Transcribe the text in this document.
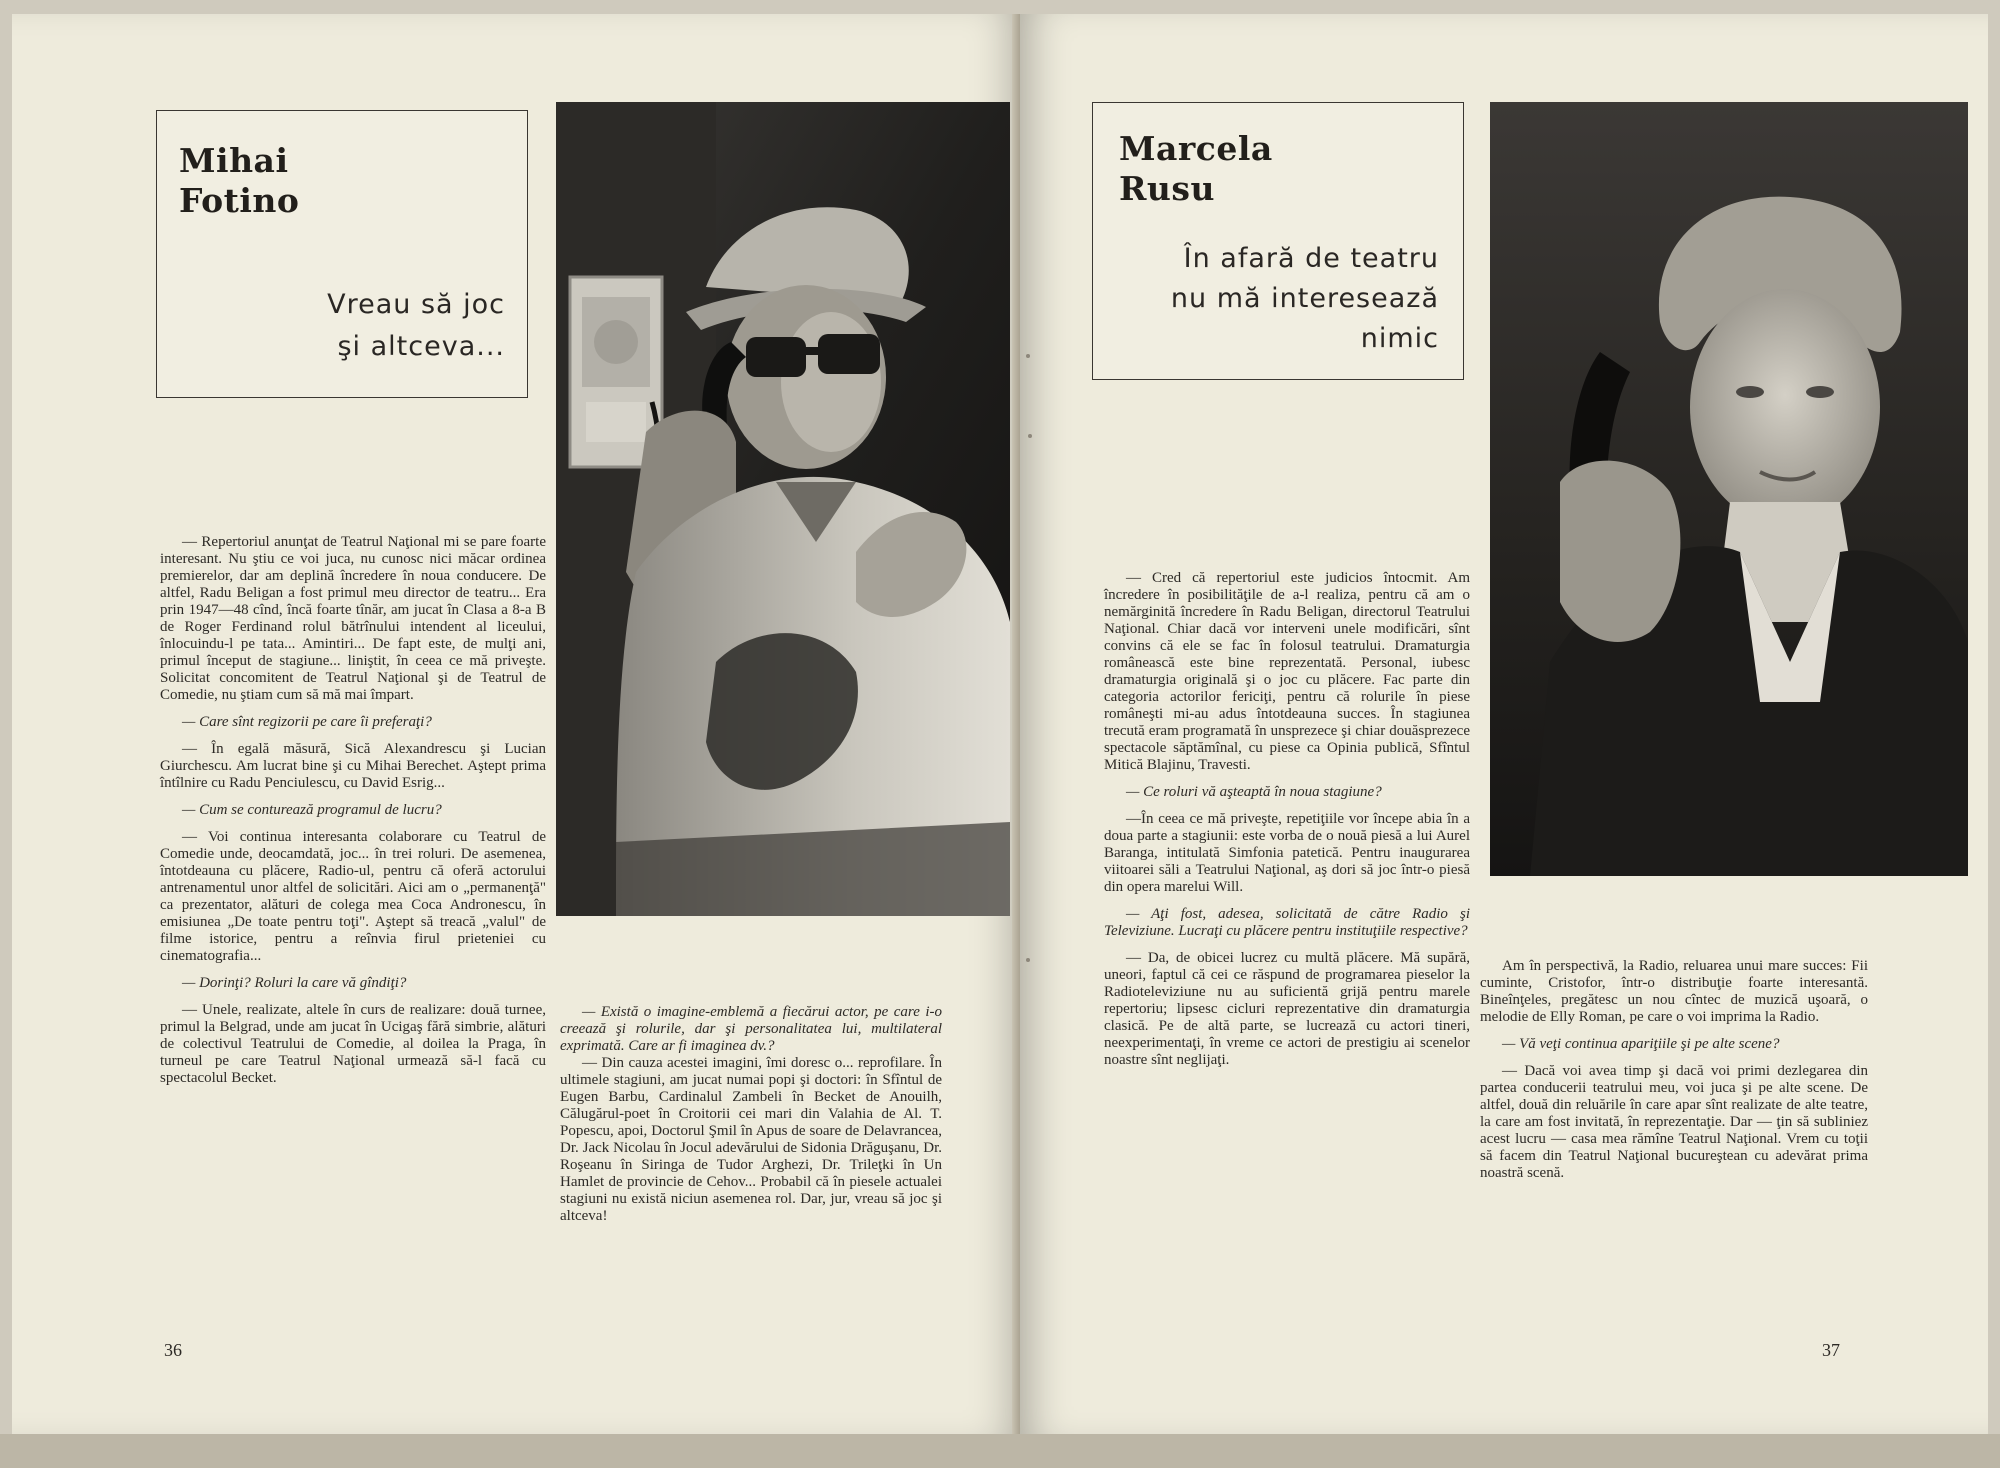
Mihai
Fotino
Vreau să joc
şi altceva...

— Repertoriul anunţat de Teatrul Naţional mi se pare foarte interesant. Nu ştiu ce voi juca, nu cunosc nici măcar ordinea premierelor, dar am deplină încredere în noua conducere. De altfel, Radu Beligan a fost primul meu director de teatru... Era prin 1947—48 cînd, încă foarte tînăr, am jucat în Clasa a 8-a B de Roger Ferdinand rolul bătrînului intendent al liceului, înlocuindu-l pe tata... Amintiri... De fapt este, de mulţi ani, primul început de stagiune... liniştit, în ceea ce mă priveşte. Solicitat concomitent de Teatrul Naţional şi de Teatrul de Comedie, nu ştiam cum să mă mai împart.

— Care sînt regizorii pe care îi preferaţi?

— În egală măsură, Sică Alexandrescu şi Lucian Giurchescu. Am lucrat bine şi cu Mihai Berechet. Aştept prima întîlnire cu Radu Penciulescu, cu David Esrig...

— Cum se conturează programul de lucru?

— Voi continua interesanta colaborare cu Teatrul de Comedie unde, deocamdată, joc... în trei roluri. De asemenea, întotdeauna cu plăcere, Radio-ul, pentru că oferă actorului antrenamentul unor altfel de solicitări. Aici am o „permanenţă" ca prezentator, alături de colega mea Coca Andronescu, în emisiunea „De toate pentru toţi". Aştept să treacă „valul" de filme istorice, pentru a reînvia firul prieteniei cu cinematografia...

— Dorinţi? Roluri la care vă gîndiţi?

— Unele, realizate, altele în curs de realizare: două turnee, primul la Belgrad, unde am jucat în Ucigaş fără simbrie, alături de colectivul Teatrului de Comedie, al doilea la Praga, în turneul pe care Teatrul Naţional urmează să-l facă cu spectacolul Becket.

— Există o imagine-emblemă a fiecărui actor, pe care i-o creează şi rolurile, dar şi personalitatea lui, multilateral exprimată. Care ar fi imaginea dv.?

— Din cauza acestei imagini, îmi doresc o... reprofilare. În ultimele stagiuni, am jucat numai popi şi doctori: în Sfîntul de Eugen Barbu, Cardinalul Zambeli în Becket de Anouilh, Călugărul-poet în Croitorii cei mari din Valahia de Al. T. Popescu, apoi, Doctorul Şmil în Apus de soare de Delavrancea, Dr. Jack Nicolau în Jocul adevărului de Sidonia Drăguşanu, Dr. Roşeanu în Siringa de Tudor Arghezi, Dr. Trileţki în Un Hamlet de provincie de Cehov... Probabil că în piesele actualei stagiuni nu există niciun asemenea rol. Dar, jur, vreau să joc şi altceva!

36
Marcela
Rusu
În afară de teatru
nu mă interesează
nimic

— Cred că repertoriul este judicios întocmit. Am încredere în posibilităţile de a-l realiza, pentru că am o nemărginită încredere în Radu Beligan, directorul Teatrului Naţional. Chiar dacă vor interveni unele modificări, sînt convins că ele se fac în folosul teatrului. Dramaturgia românească este bine reprezentată. Personal, iubesc dramaturgia originală şi o joc cu plăcere. Fac parte din categoria actorilor fericiţi, pentru că rolurile în piese româneşti mi-au adus întotdeauna succes. În stagiunea trecută eram programată în unsprezece şi chiar douăsprezece spectacole săptămînal, cu piese ca Opinia publică, Sfîntul Mitică Blajinu, Travesti.

— Ce roluri vă aşteaptă în noua stagiune?

—În ceea ce mă priveşte, repetiţiile vor începe abia în a doua parte a stagiunii: este vorba de o nouă piesă a lui Aurel Baranga, intitulată Simfonia patetică. Pentru inaugurarea viitoarei săli a Teatrului Naţional, aş dori să joc într-o piesă din opera marelui Will.

— Aţi fost, adesea, solicitată de către Radio şi Televiziune. Lucraţi cu plăcere pentru instituţiile respective?

— Da, de obicei lucrez cu multă plăcere. Mă supără, uneori, faptul că cei ce răspund de programarea pieselor la Radioteleviziune nu au suficientă grijă pentru marele repertoriu; lipsesc cicluri reprezentative din dramaturgia clasică. Pe de altă parte, se lucrează cu actori tineri, neexperimentaţi, în vreme ce actori de prestigiu ai scenelor noastre sînt neglijaţi.

Am în perspectivă, la Radio, reluarea unui mare succes: Fii cuminte, Cristofor, într-o distribuţie foarte interesantă. Bineînţeles, pregătesc un nou cîntec de muzică uşoară, o melodie de Elly Roman, pe care o voi imprima la Radio.

— Vă veţi continua apariţiile şi pe alte scene?

— Dacă voi avea timp şi dacă voi primi dezlegarea din partea conducerii teatrului meu, voi juca şi pe alte scene. De altfel, două din reluările în care apar sînt realizate de alte teatre, la care am fost invitată, în reprezentaţie. Dar — ţin să subliniez acest lucru — casa mea rămîne Teatrul Naţional. Vrem cu toţii să facem din Teatrul Naţional bucureştean cu adevărat prima noastră scenă.

37
